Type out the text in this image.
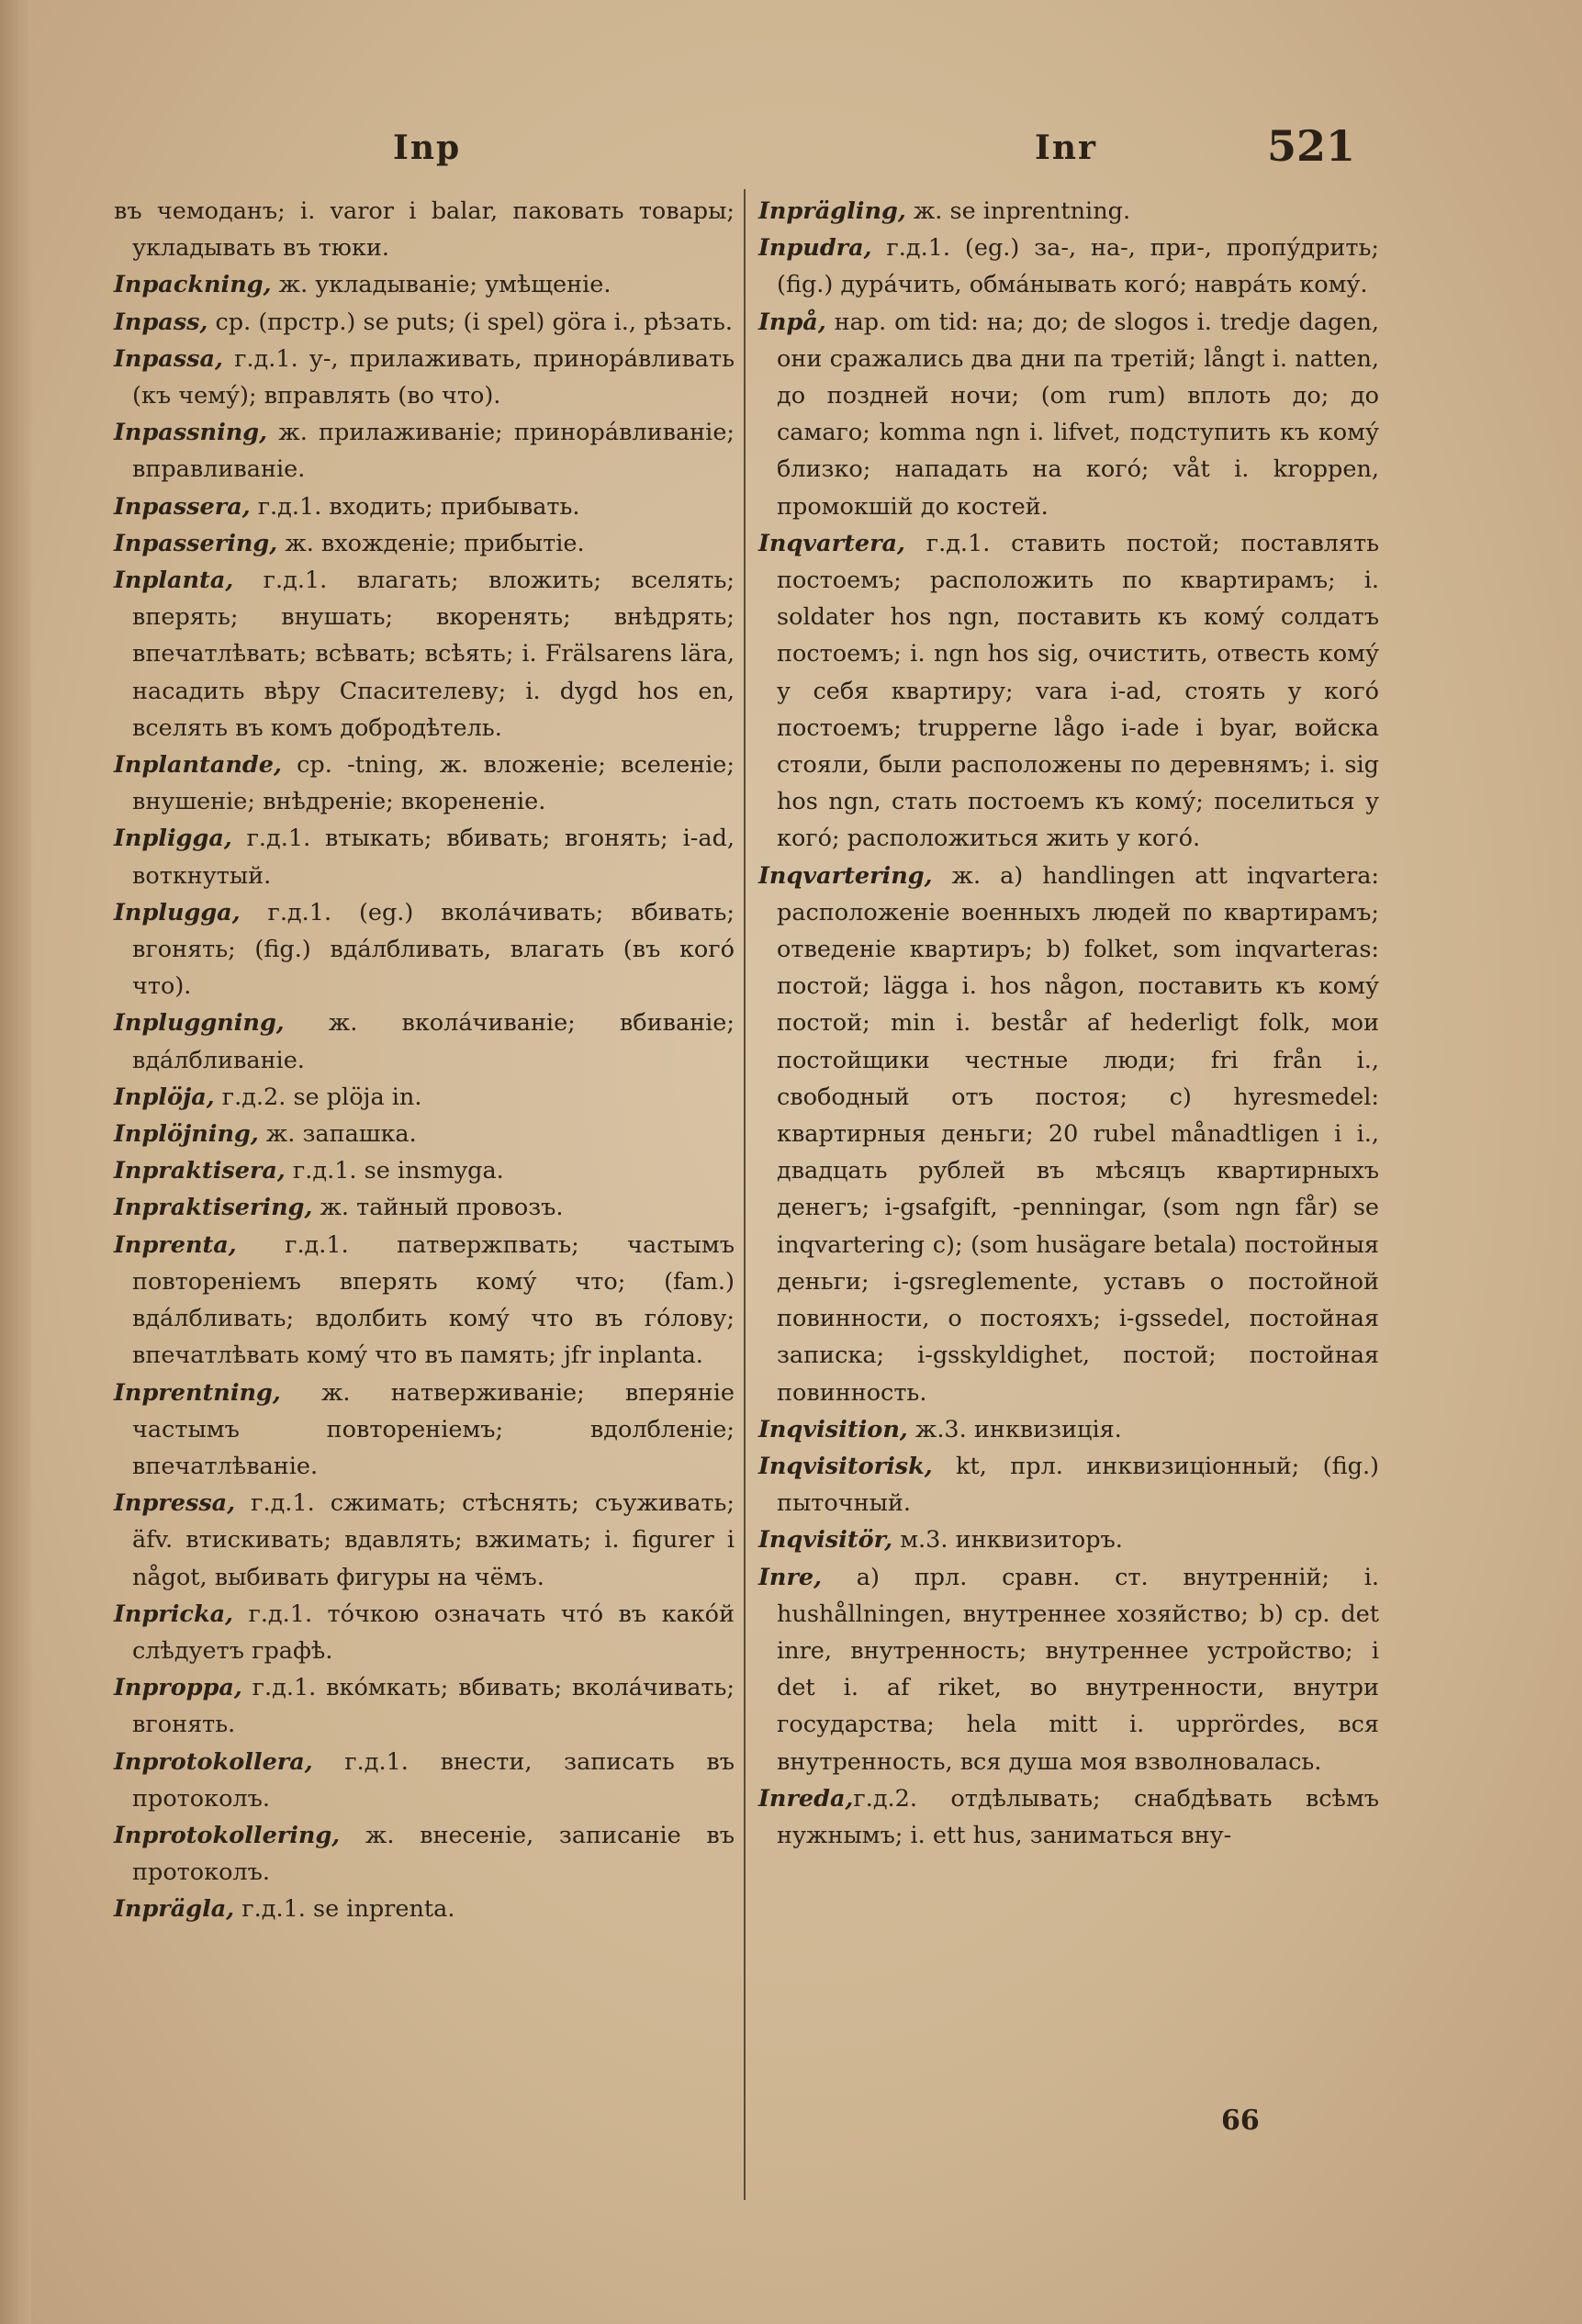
Inp	Inr	521

въ чемоданъ; i. varor i balar, паковать товары; укладывать въ тюки.

Inpackning, ж. укладываніе; умѣщеніе.

Inpass, ср. (прстр.) se puts; (i spel) göra i., рѣзать.

Inpassa, г.д.1. у-, прилаживать, принора́вливать (къ чему́); вправлять (во что).

Inpassning, ж. прилаживаніе; принора́вливаніе; вправливаніе.

Inpassera, г.д.1. входить; прибывать.

Inpassering, ж. вхожденіе; прибытіе.

Inplanta, г.д.1. влагать; вложить; вселять; вперять; внушать; вкоренять; внѣдрять; впечатлѣвать; всѣвать; всѣять; i. Frälsarens lära, насадить вѣру Спасителеву; i. dygd hos en, вселять въ комъ добродѣтель.

Inplantande, ср. -tning, ж. вложеніе; вселеніе; внушеніе; внѣдреніе; вкорененіе.

Inpligga, г.д.1. втыкать; вбивать; вгонять; i-ad, воткнутый.

Inplugga, г.д.1. (eg.) вкола́чивать; вбивать; вгонять; (fig.) вда́лбливать, влагать (въ кого́ что).

Inpluggning, ж. вкола́чиваніе; вбиваніе; вда́лбливаніе.

Inplöja, г.д.2. se plöja in.

Inplöjning, ж. запашка.

Inpraktisera, г.д.1. se insmyga.

Inpraktisering, ж. тайный провозъ.

Inprenta, г.д.1. патвержпвать; частымъ повтореніемъ вперять кому́ что; (fam.) вда́лбливать; вдолбить кому́ что въ го́лову; впечатлѣвать кому́ что въ память; jfr inplanta.

Inprentning, ж. натверживаніе; вперяніе частымъ повтореніемъ; вдолбленіе; впечатлѣваніе.

Inpressa, г.д.1. сжимать; стѣснять; съуживать; äfv. втискивать; вдавлять; вжимать; i. figurer i något, выбивать фигуры на чёмъ.

Inpricka, г.д.1. то́чкою означать что́ въ како́й слѣдуетъ графѣ.

Inproppa, г.д.1. вко́мкать; вбивать; вкола́чивать; вгонять.

Inprotokollera, г.д.1. внести, записать въ протоколъ.

Inprotokollering, ж. внесеніе, записаніе въ протоколъ.

Inprägla, г.д.1. se inprenta.

Inprägling, ж. se inprentning.

Inpudra, г.д.1. (eg.) за-, на-, при-, пропу́дрить; (fig.) дура́чить, обма́нывать кого́; навра́ть кому́.

Inpå, нар. om tid: на; до; de slogos i. tredje dagen, они сражались два дни па третій; långt i. natten, до поздней ночи; (om rum) вплоть до; до самаго; komma ngn i. lifvet, подступить къ кому́ близко; нападать на кого́; våt i. kroppen, промокшій до костей.

Inqvartera, г.д.1. ставить постой; поставлять постоемъ; расположить по квартирамъ; i. soldater hos ngn, поставить къ кому́ солдатъ постоемъ; i. ngn hos sig, очистить, отвесть кому́ у себя квартиру; vara i-ad, стоять у кого́ постоемъ; trupperne lågo i-ade i byar, войска стояли, были расположены по деревнямъ; i. sig hos ngn, стать постоемъ къ кому́; поселиться у кого́; расположиться жить у кого́.

Inqvartering, ж. a) handlingen att inqvartera: расположеніе военныхъ людей по квартирамъ; отведеніе квартиръ; b) folket, som inqvarteras: постой; lägga i. hos någon, поставить къ кому́ постой; min i. består af hederligt folk, мои постойщики честные люди; fri från i., свободный отъ постоя; c) hyresmedel: квартирныя деньги; 20 rubel månadtligen i i., двадцать рублей въ мѣсяцъ квартирныхъ денегъ; i-gsafgift, -penningar, (som ngn får) se inqvartering c); (som husägare betala) постойныя деньги; i-gsreglemente, уставъ о постойной повинности, о постояхъ; i-gssedel, постойная записка; i-gsskyldighet, постой; постойная повинность.

Inqvisition, ж.3. инквизиція.

Inqvisitorisk, kt, прл. инквизиціонный; (fig.) пыточный.

Inqvisitör, м.3. инквизиторъ.

Inre, a) прл. сравн. ст. внутренній; i. hushållningen, внутреннее хозяйство; b) ср. det inre, внутренность; внутреннее устройство; i det i. af riket, во внутренности, внутри государства; hela mitt i. upprördes, вся внутренность, вся душа моя взволновалась.

Inreda,г.д.2. отдѣлывать; снабдѣвать всѣмъ нужнымъ; i. ett hus, заниматься вну-

66
